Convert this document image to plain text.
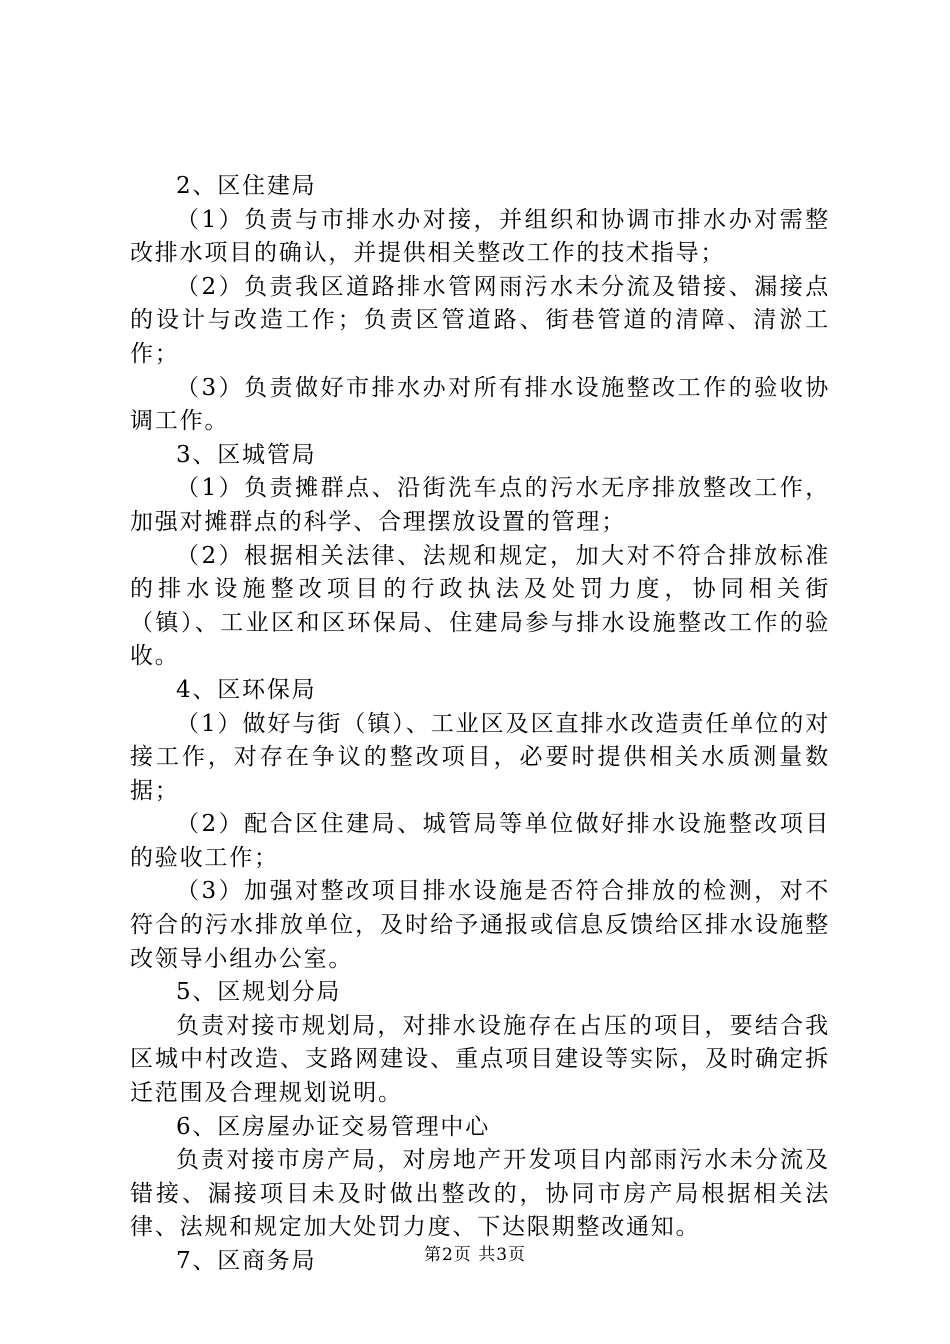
2、区住建局

（1）负责与市排水办对接，并组织和协调市排水办对需整改排水项目的确认，并提供相关整改工作的技术指导；

（2）负责我区道路排水管网雨污水未分流及错接、漏接点的设计与改造工作；负责区管道路、街巷管道的清障、清淤工作；

（3）负责做好市排水办对所有排水设施整改工作的验收协调工作。

3、区城管局

（1）负责摊群点、沿街洗车点的污水无序排放整改工作，加强对摊群点的科学、合理摆放设置的管理；

（2）根据相关法律、法规和规定，加大对不符合排放标准的排水设施整改项目的行政执法及处罚力度，协同相关街（镇）、工业区和区环保局、住建局参与排水设施整改工作的验收。

4、区环保局

（1）做好与街（镇）、工业区及区直排水改造责任单位的对接工作，对存在争议的整改项目，必要时提供相关水质测量数据；

（2）配合区住建局、城管局等单位做好排水设施整改项目的验收工作；

（3）加强对整改项目排水设施是否符合排放的检测，对不符合的污水排放单位，及时给予通报或信息反馈给区排水设施整改领导小组办公室。

5、区规划分局

负责对接市规划局，对排水设施存在占压的项目，要结合我区城中村改造、支路网建设、重点项目建设等实际，及时确定拆迁范围及合理规划说明。

6、区房屋办证交易管理中心

负责对接市房产局，对房地产开发项目内部雨污水未分流及错接、漏接项目未及时做出整改的，协同市房产局根据相关法律、法规和规定加大处罚力度、下达限期整改通知。

7、区商务局	第2页 共3页
